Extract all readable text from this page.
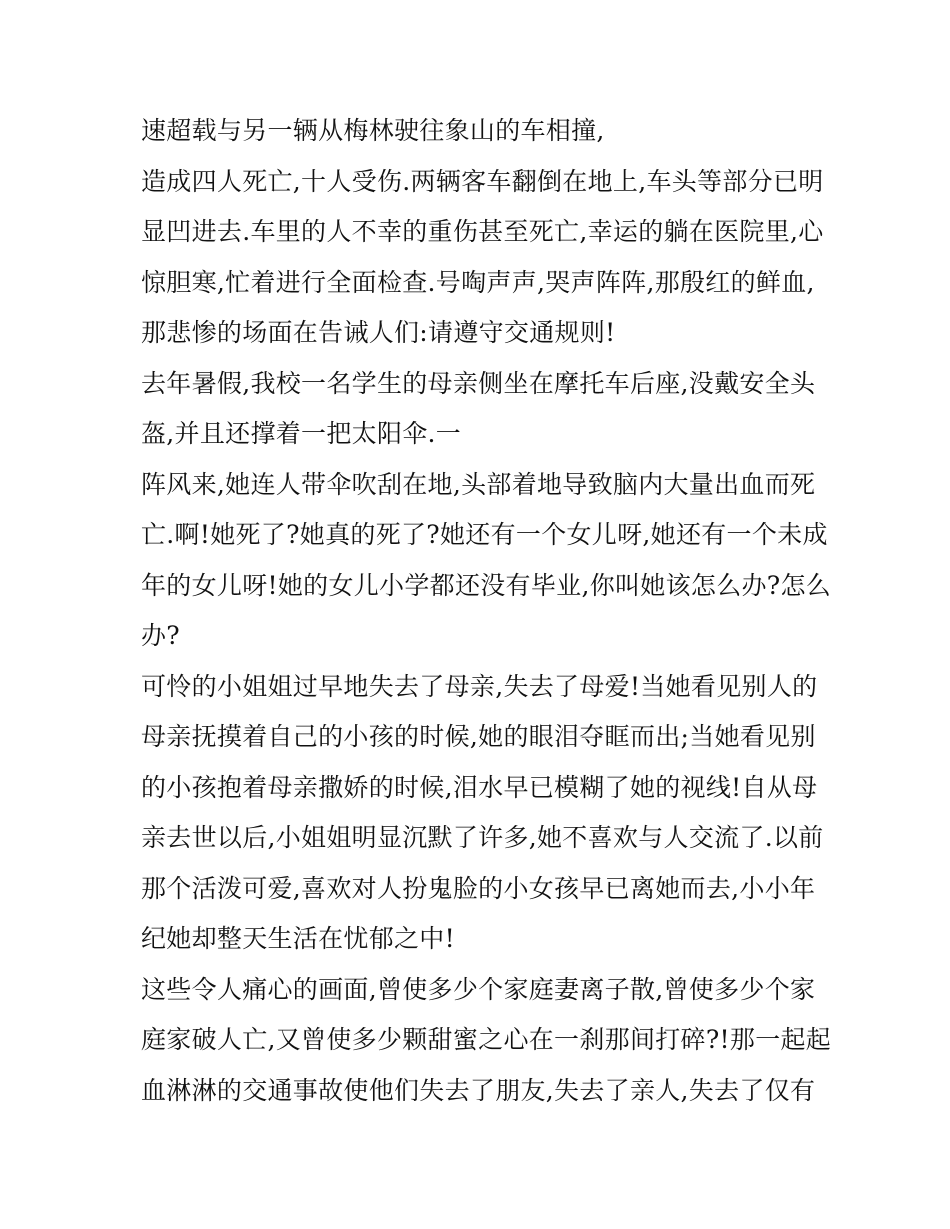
速超载与另一辆从梅林驶往象山的车相撞,
造成四人死亡,十人受伤.两辆客车翻倒在地上,车头等部分已明
显凹进去.车里的人不幸的重伤甚至死亡,幸运的躺在医院里,心
惊胆寒,忙着进行全面检查.号啕声声,哭声阵阵,那殷红的鲜血,
那悲惨的场面在告诫人们:请遵守交通规则!
去年暑假,我校一名学生的母亲侧坐在摩托车后座,没戴安全头
盔,并且还撑着一把太阳伞.一
阵风来,她连人带伞吹刮在地,头部着地导致脑内大量出血而死
亡.啊!她死了?她真的死了?她还有一个女儿呀,她还有一个未成
年的女儿呀!她的女儿小学都还没有毕业,你叫她该怎么办?怎么
办?
可怜的小姐姐过早地失去了母亲,失去了母爱!当她看见别人的
母亲抚摸着自己的小孩的时候,她的眼泪夺眶而出;当她看见别
的小孩抱着母亲撒娇的时候,泪水早已模糊了她的视线!自从母
亲去世以后,小姐姐明显沉默了许多,她不喜欢与人交流了.以前
那个活泼可爱,喜欢对人扮鬼脸的小女孩早已离她而去,小小年
纪她却整天生活在忧郁之中!
这些令人痛心的画面,曾使多少个家庭妻离子散,曾使多少个家
庭家破人亡,又曾使多少颗甜蜜之心在一刹那间打碎?!那一起起
血淋淋的交通事故使他们失去了朋友,失去了亲人,失去了仅有
